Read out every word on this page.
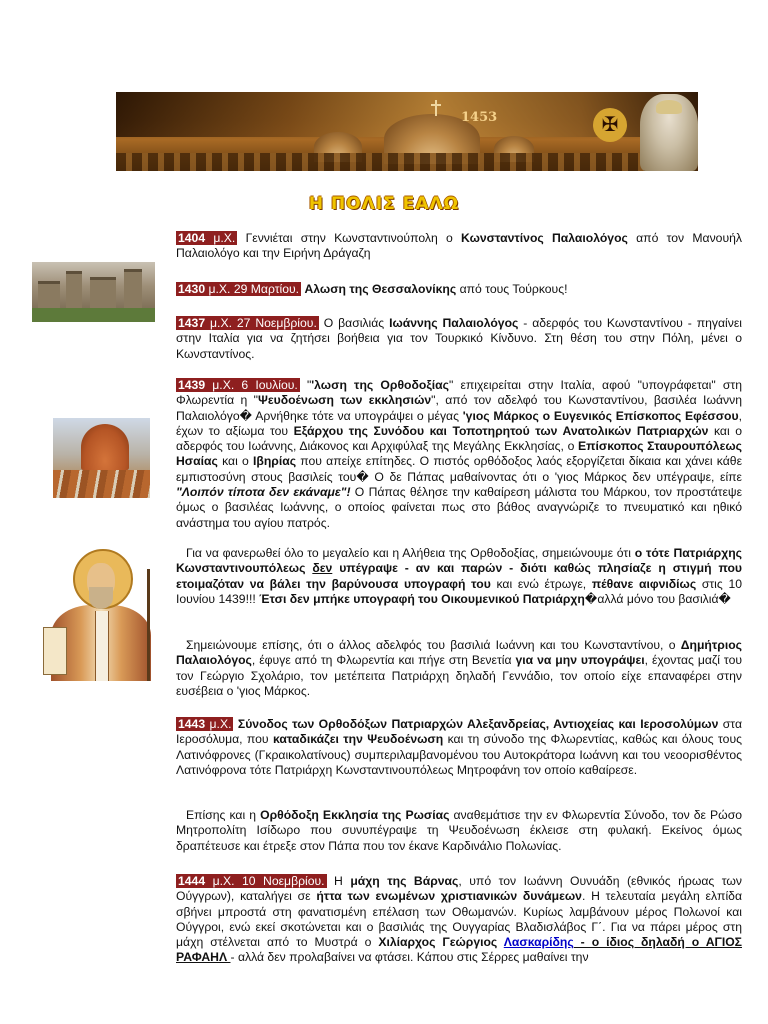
1453	✠
Η ΠΟΛΙΣ ΕΑΛΩ
1404 μ.Χ. Γεννιέται στην Κωνσταντινούπολη ο Κωνσταντίνος Παλαιολόγος από τον Μανουήλ Παλαιολόγο και την Ειρήνη Δράγαζη
1430 μ.Χ. 29 Μαρτίου. Αλωση της Θεσσαλονίκης από τους Τούρκους!
1437 μ.Χ. 27 Νοεμβρίου. Ο βασιλιάς Ιωάννης Παλαιολόγος - αδερφός του Κωνσταντίνου - πηγαίνει στην Ιταλία για να ζητήσει βοήθεια για τον Τουρκικό Κίνδυνο. Στη θέση του στην Πόλη, μένει ο Κωνσταντίνος.
1439 μ.Χ. 6 Ιουλίου. "'λωση της Ορθοδοξίας" επιχειρείται στην Ιταλία, αφού "υπογράφεται" στη Φλωρεντία η "Ψευδοένωση των εκκλησιών", από τον αδελφό του Κωνσταντίνου, βασιλέα Ιωάννη Παλαιολόγο� Αρνήθηκε τότε να υπογράψει ο μέγας 'γιος Μάρκος ο Ευγενικός Επίσκοπος Εφέσσου, έχων το αξίωμα του Εξάρχου της Συνόδου και Τοποτηρητού των Ανατολικών Πατριαρχών και ο αδερφός του Ιωάννης, Διάκονος και Αρχιφύλαξ της Μεγάλης Εκκλησίας, ο Επίσκοπος Σταυρουπόλεως Ησαίας και ο Ιβηρίας που απείχε επίτηδες. Ο πιστός ορθόδοξος λαός εξοργίζεται δίκαια και χάνει κάθε εμπιστοσύνη στους βασιλείς του� Ο δε Πάπας μαθαίνοντας ότι ο 'γιος Μάρκος δεν υπέγραψε, είπε "Λοιπόν τίποτα δεν εκάναμε"! Ο Πάπας θέλησε την καθαίρεση μάλιστα του Μάρκου, τον προστάτεψε όμως ο βασιλέας Ιωάννης, ο οποίος φαίνεται πως στο βάθος αναγνώριζε το πνευματικό και ηθικό ανάστημα του αγίου πατρός.
Για να φανερωθεί όλο το μεγαλείο και η Αλήθεια της Ορθοδοξίας, σημειώνουμε ότι ο τότε Πατριάρχης Κωνσταντινουπόλεως δεν υπέγραψε - αν και παρών - διότι καθώς πλησίαζε η στιγμή που ετοιμαζόταν να βάλει την βαρύνουσα υπογραφή του και ενώ έτρωγε, πέθανε αιφνιδίως στις 10 Ιουνίου 1439!!! Έτσι δεν μπήκε υπογραφή του Οικουμενικού Πατριάρχη�αλλά μόνο του βασιλιά�
Σημειώνουμε επίσης, ότι ο άλλος αδελφός του βασιλιά Ιωάννη και του Κωνσταντίνου, ο Δημήτριος Παλαιολόγος, έφυγε από τη Φλωρεντία και πήγε στη Βενετία για να μην υπογράψει, έχοντας μαζί του τον Γεώργιο Σχολάριο, τον μετέπειτα Πατριάρχη δηλαδή Γεννάδιο, τον οποίο είχε επαναφέρει στην ευσέβεια ο 'γιος Μάρκος.
1443 μ.Χ. Σύνοδος των Ορθοδόξων Πατριαρχών Αλεξανδρείας, Αντιοχείας και Ιεροσολύμων στα Ιεροσόλυμα, που καταδικάζει την Ψευδοένωση και τη σύνοδο της Φλωρεντίας, καθώς και όλους τους Λατινόφρονες (Γκραικολατίνους) συμπεριλαμβανομένου του Αυτοκράτορα Ιωάννη και του νεοορισθέντος Λατινόφρονα τότε Πατριάρχη Κωνσταντινουπόλεως Μητροφάνη τον οποίο καθαίρεσε.
Επίσης και η Ορθόδοξη Εκκλησία της Ρωσίας αναθεμάτισε την εν Φλωρεντία Σύνοδο, τον δε Ρώσο Μητροπολίτη Ισίδωρο που συνυπέγραψε τη Ψευδοένωση έκλεισε στη φυλακή. Εκείνος όμως δραπέτευσε και έτρεξε στον Πάπα που τον έκανε Καρδινάλιο Πολωνίας.
1444 μ.Χ. 10 Νοεμβρίου. Η μάχη της Βάρνας, υπό τον Ιωάννη Ουνυάδη (εθνικός ήρωας των Ούγγρων), καταλήγει σε ήττα των ενωμένων χριστιανικών δυνάμεων. Η τελευταία μεγάλη ελπίδα σβήνει μπροστά στη φανατισμένη επέλαση των Οθωμανών. Κυρίως λαμβάνουν μέρος Πολωνοί και Ούγγροι, ενώ εκεί σκοτώνεται και ο βασιλιάς της Ουγγαρίας Βλαδισλάβος Γ΄. Για να πάρει μέρος στη μάχη στέλνεται από το Μυστρά ο Χιλίαρχος Γεώργιος Λασκαρίδης - ο ίδιος δηλαδή ο ΑΓΙΟΣ ΡΑΦΑΗΛ - αλλά δεν προλαβαίνει να φτάσει. Κάπου στις Σέρρες μαθαίνει την
